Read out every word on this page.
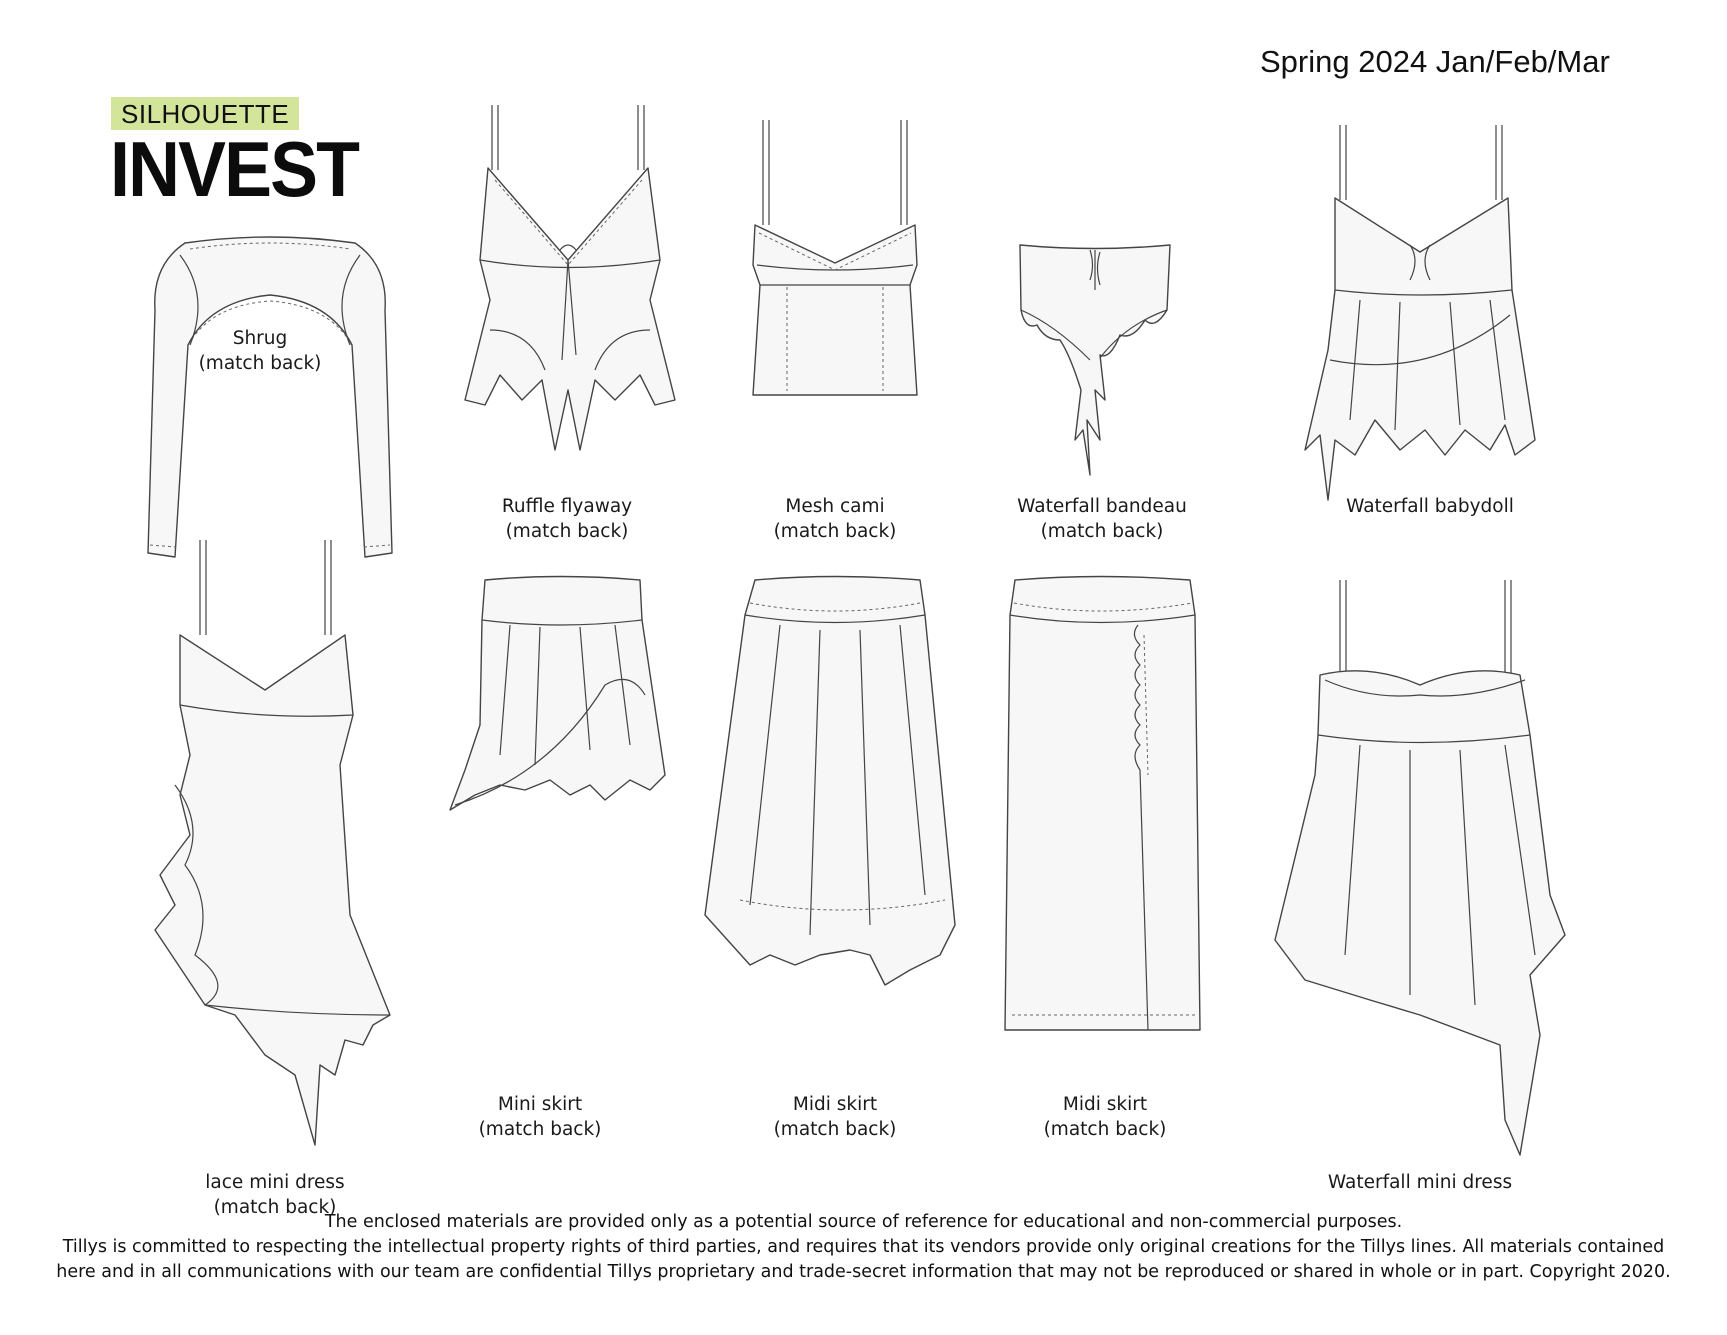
Spring 2024 Jan/Feb/Mar
SILHOUETTE
INVEST
Shrug
(match back)
Ruffle flyaway
(match back)
Mesh cami
(match back)
Waterfall bandeau
(match back)
Waterfall babydoll
lace mini dress
(match back)
Mini skirt
(match back)
Midi skirt
(match back)
Midi skirt
(match back)
Waterfall mini dress
The enclosed materials are provided only as a potential source of reference for educational and non-commercial purposes.
Tillys is committed to respecting the intellectual property rights of third parties, and requires that its vendors provide only original creations for the Tillys lines. All materials contained
here and in all communications with our team are confidential Tillys proprietary and trade-secret information that may not be reproduced or shared in whole or in part. Copyright 2020.
